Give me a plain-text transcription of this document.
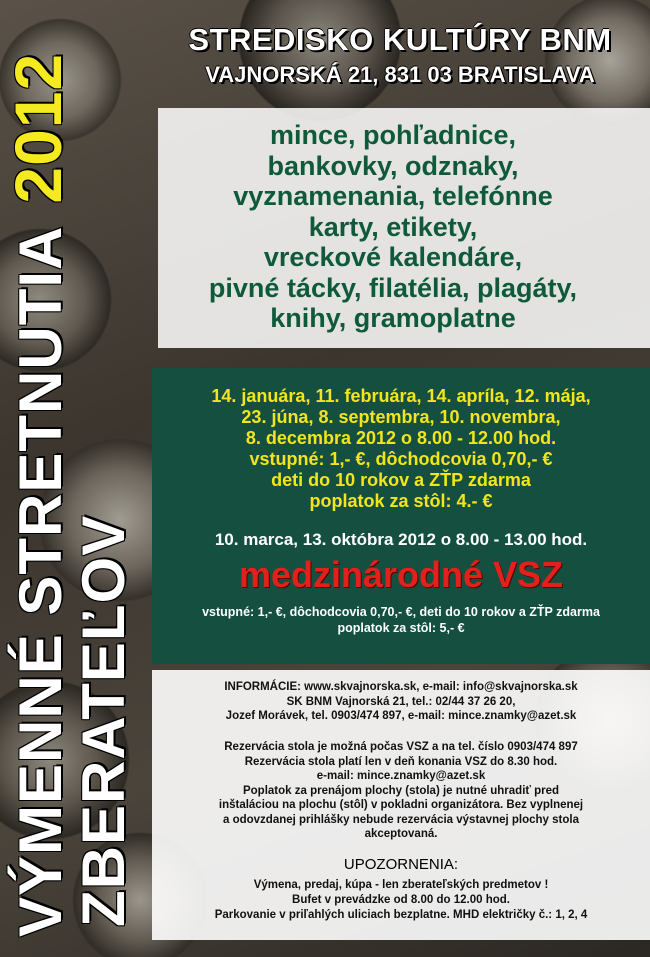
VÝMENNÉ STRETNUTIA2012
ZBERATEĽOV
STREDISKO KULTÚRY BNM
VAJNORSKÁ 21, 831 03 BRATISLAVA
mince, pohľadnice,
bankovky, odznaky,
vyznamenania, telefónne
karty, etikety,
vreckové kalendáre,
pivné tácky, filatélia, plagáty,
knihy, gramoplatne
14. januára, 11. februára, 14. apríla, 12. mája,
23. júna, 8. septembra, 10. novembra,
8. decembra 2012 o 8.00 - 12.00 hod.
vstupné: 1,- €, dôchodcovia 0,70,- €
deti do 10 rokov a ZŤP zdarma
poplatok za stôl: 4.- €
10. marca, 13. októbra 2012 o 8.00 - 13.00 hod.
medzinárodné VSZ
vstupné: 1,- €, dôchodcovia 0,70,- €, deti do 10 rokov a ZŤP zdarma
poplatok za stôl: 5,- €
INFORMÁCIE: www.skvajnorska.sk, e-mail: info@skvajnorska.sk
SK BNM Vajnorská 21, tel.: 02/44 37 26 20,
Jozef Morávek, tel. 0903/474 897, e-mail: mince.znamky@azet.sk
Rezervácia stola je možná počas VSZ a na tel. číslo 0903/474 897
Rezervácia stola platí len v deň konania VSZ do 8.30 hod.
e-mail: mince.znamky@azet.sk
Poplatok za prenájom plochy (stola) je nutné uhradiť pred
inštaláciou na plochu (stôl) v pokladni organizátora. Bez vyplnenej
a odovzdanej prihlášky nebude rezervácia výstavnej plochy stola
akceptovaná.
UPOZORNENIA:
Výmena, predaj, kúpa - len zberateľských predmetov !
Bufet v prevádzke od 8.00 do 12.00 hod.
Parkovanie v priľahlých uliciach bezplatne. MHD električky č.: 1, 2, 4
